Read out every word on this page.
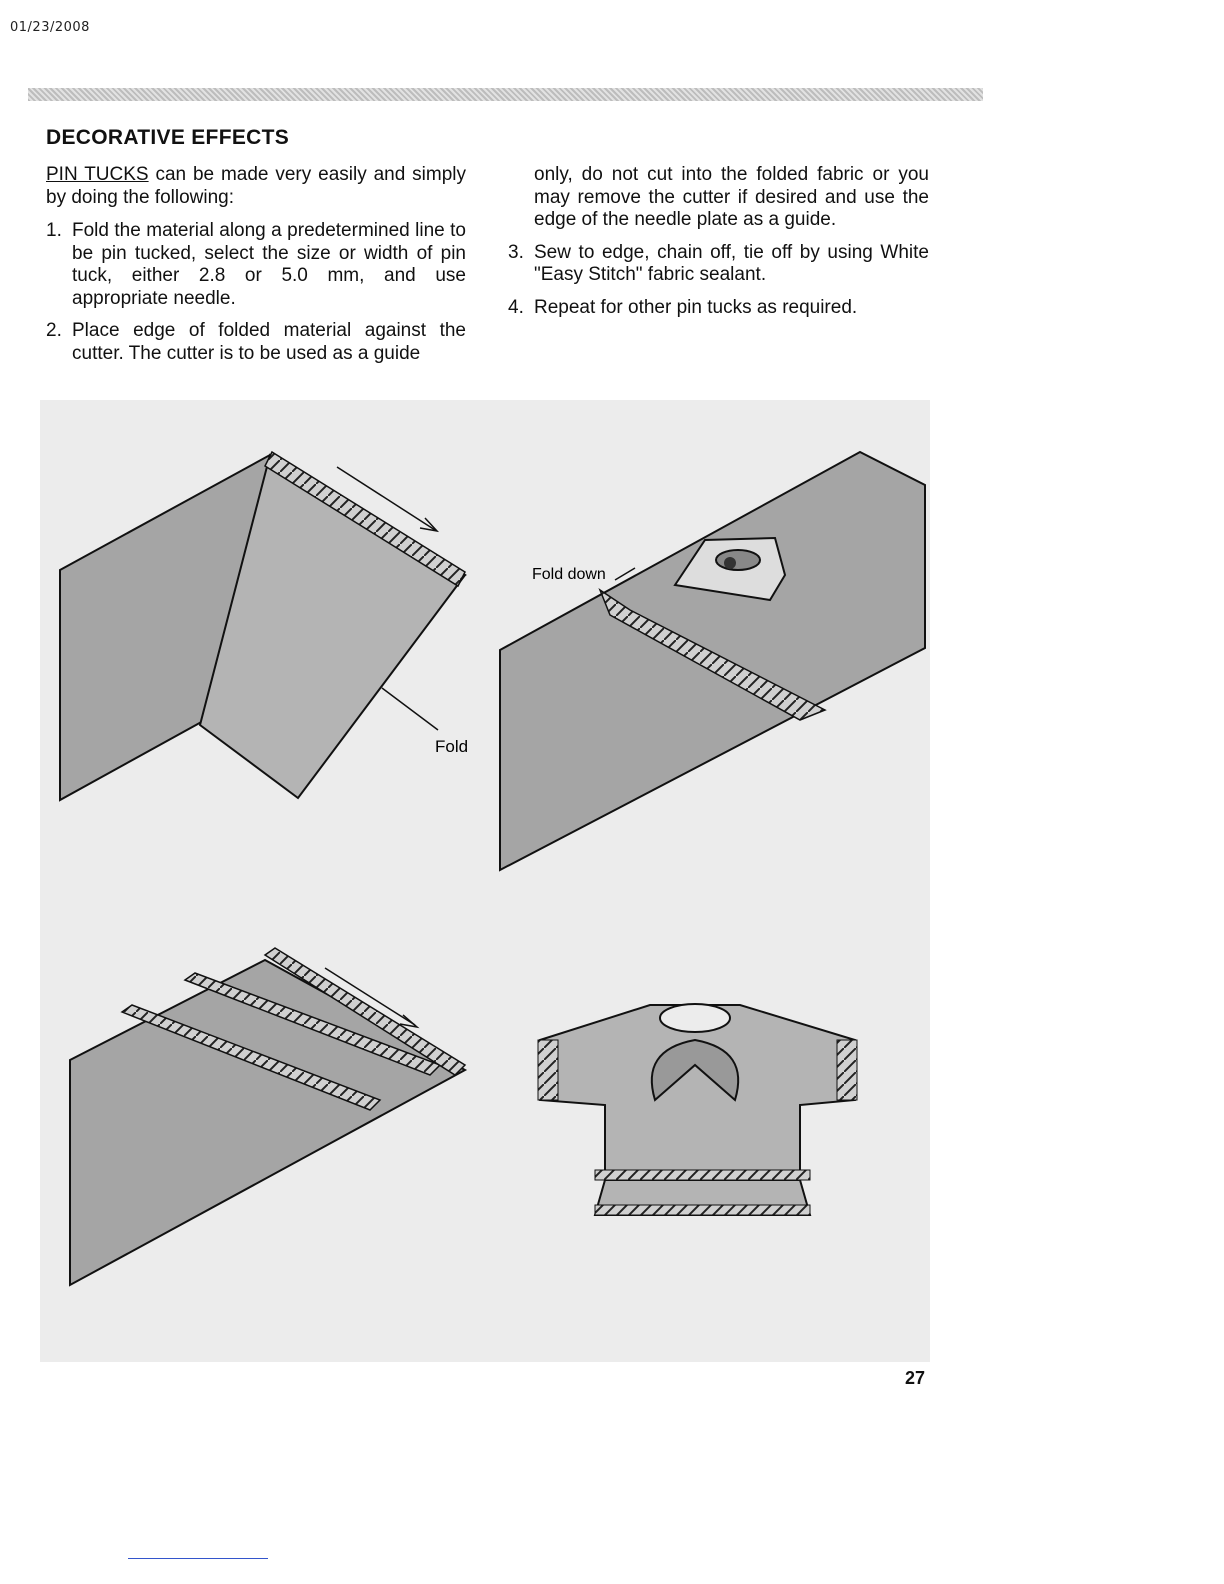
01/23/2008
DECORATIVE EFFECTS

PIN TUCKS can be made very easily and simply by doing the following:

1. Fold the material along a predetermined line to be pin tucked, select the size or width of pin tuck, either 2.8 or 5.0 mm, and use appropriate needle.
2. Place edge of folded material against the cutter. The cutter is to be used as a guide
only, do not cut into the folded fabric or you may remove the cutter if desired and use the edge of the needle plate as a guide.
3. Sew to edge, chain off, tie off by using White "Easy Stitch" fabric sealant.
4. Repeat for other pin tucks as required.
Fold
Fold down
27
